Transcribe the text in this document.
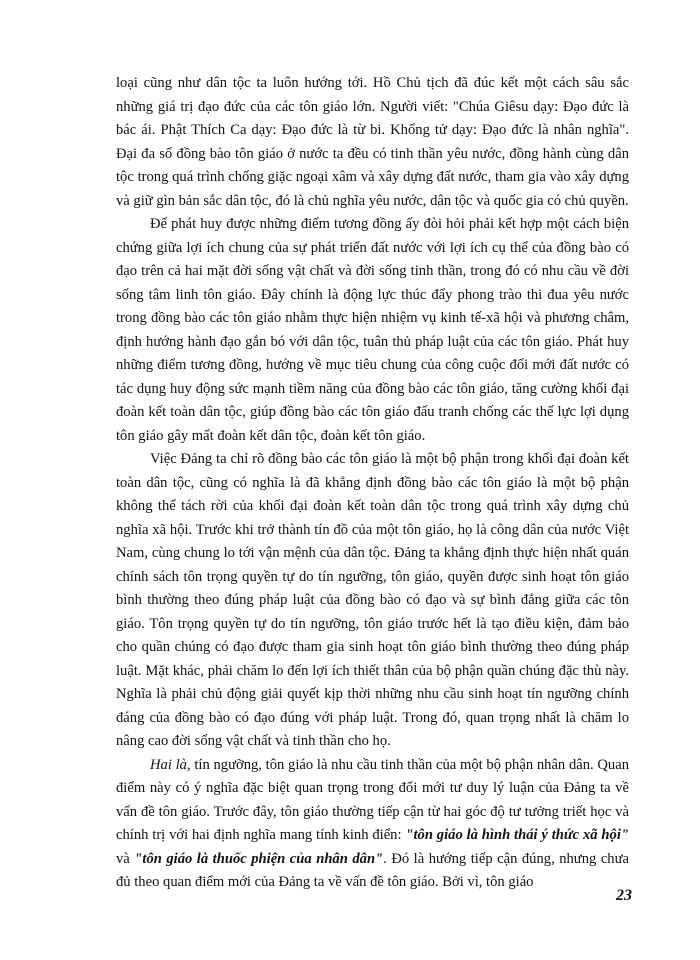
loại cũng như dân tộc ta luôn hướng tới. Hồ Chủ tịch đã đúc kết một cách sâu sắc những giá trị đạo đức của các tôn giáo lớn. Người viết: "Chúa Giêsu dạy: Đạo đức là bác ái. Phật Thích Ca dạy: Đạo đức là từ bi. Khổng tử dạy: Đạo đức là nhân nghĩa". Đại đa số đồng bào tôn giáo ở nước ta đều có tinh thần yêu nước, đồng hành cùng dân tộc trong quá trình chống giặc ngoại xâm và xây dựng đất nước, tham gia vào xây dựng và giữ gìn bản sắc dân tộc, đó là chủ nghĩa yêu nước, dân tộc và quốc gia có chủ quyền.

Để phát huy được những điểm tương đồng ấy đòi hỏi phải kết hợp một cách biện chứng giữa lợi ích chung của sự phát triển đất nước với lợi ích cụ thể của đồng bào có đạo trên cả hai mặt đời sống vật chất và đời sống tinh thần, trong đó có nhu cầu về đời sống tâm linh tôn giáo. Đây chính là động lực thúc đẩy phong trào thi đua yêu nước trong đồng bào các tôn giáo nhằm thực hiện nhiệm vụ kinh tế-xã hội và phương châm, định hướng hành đạo gắn bó với dân tộc, tuân thủ pháp luật của các tôn giáo. Phát huy những điểm tương đồng, hướng về mục tiêu chung của công cuộc đổi mới đất nước có tác dụng huy động sức mạnh tiềm năng của đồng bào các tôn giáo, tăng cường khối đại đoàn kết toàn dân tộc, giúp đồng bào các tôn giáo đấu tranh chống các thế lực lợi dụng tôn giáo gây mất đoàn kết dân tộc, đoàn kết tôn giáo.

Việc Đảng ta chỉ rõ đồng bào các tôn giáo là một bộ phận trong khối đại đoàn kết toàn dân tộc, cũng có nghĩa là đã khẳng định đồng bào các tôn giáo là một bộ phận không thể tách rời của khối đại đoàn kết toàn dân tộc trong quá trình xây dựng chủ nghĩa xã hội. Trước khi trở thành tín đồ của một tôn giáo, họ là công dân của nước Việt Nam, cùng chung lo tới vận mệnh của dân tộc. Đảng ta khẳng định thực hiện nhất quán chính sách tôn trọng quyền tự do tín ngưỡng, tôn giáo, quyền được sinh hoạt tôn giáo bình thường theo đúng pháp luật của đồng bào có đạo và sự bình đẳng giữa các tôn giáo. Tôn trọng quyền tự do tín ngưỡng, tôn giáo trước hết là tạo điều kiện, đảm bảo cho quần chúng có đạo được tham gia sinh hoạt tôn giáo bình thường theo đúng pháp luật. Mặt khác, phải chăm lo đến lợi ích thiết thân của bộ phận quần chúng đặc thù này. Nghĩa là phải chủ động giải quyết kịp thời những nhu cầu sinh hoạt tín ngưỡng chính đáng của đồng bào có đạo đúng với pháp luật. Trong đó, quan trọng nhất là chăm lo nâng cao đời sống vật chất và tinh thần cho họ.

Hai là, tín ngưỡng, tôn giáo là nhu cầu tinh thần của một bộ phận nhân dân. Quan điểm này có ý nghĩa đặc biệt quan trọng trong đổi mới tư duy lý luận của Đảng ta về vấn đề tôn giáo. Trước đây, tôn giáo thường tiếp cận từ hai góc độ tư tưởng triết học và chính trị với hai định nghĩa mang tính kinh điển: "tôn giáo là hình thái ý thức xã hội" và "tôn giáo là thuốc phiện của nhân dân". Đó là hướng tiếp cận đúng, nhưng chưa đủ theo quan điểm mới của Đảng ta về vấn đề tôn giáo. Bởi vì, tôn giáo

23
